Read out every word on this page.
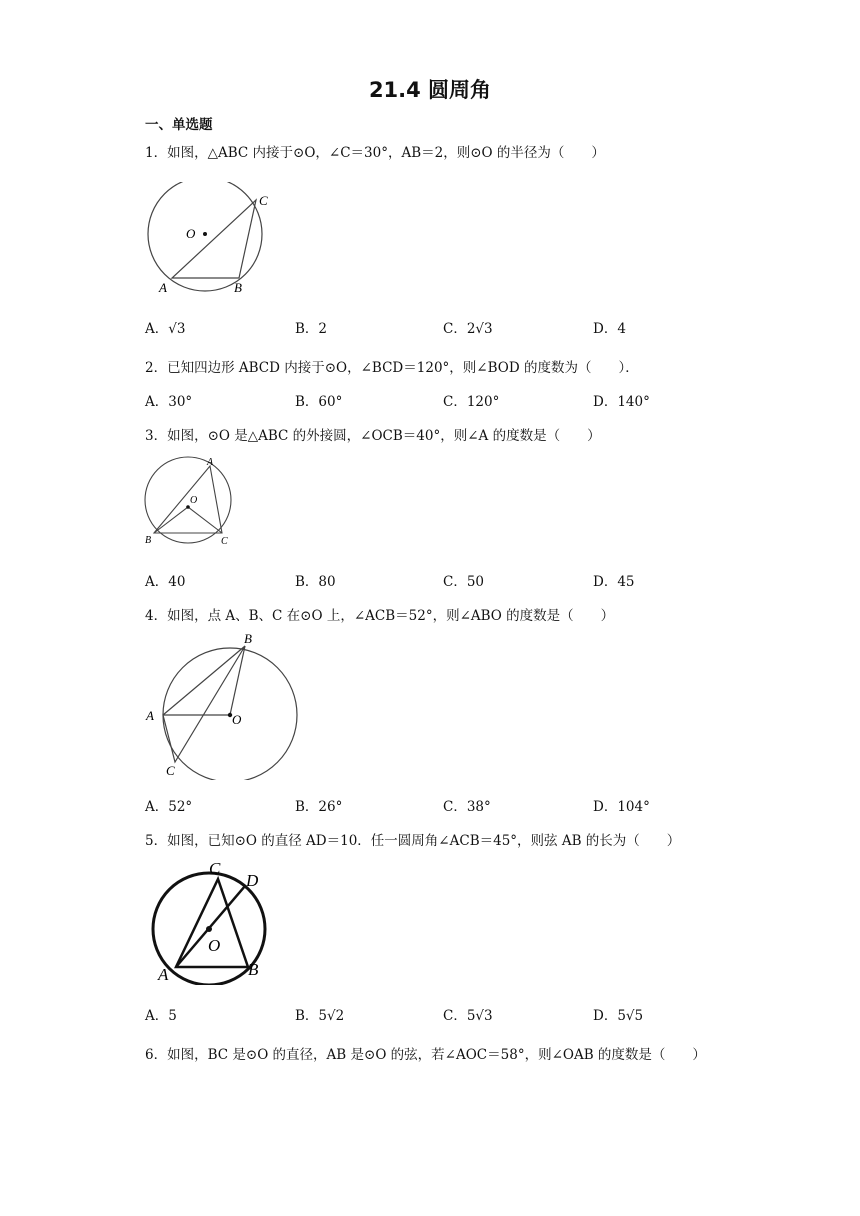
21.4 圆周角
一、单选题
1．如图，△ABC 内接于⊙O，∠C＝30°，AB＝2，则⊙O 的半径为（　　）
O
C
A	B
A．√3	B．2	C．2√3	D．4
2．已知四边形 ABCD 内接于⊙O，∠BCD＝120°，则∠BOD 的度数为（　　）．
A．30°	B．60°	C．120°	D．140°
3．如图，⊙O 是△ABC 的外接圆，∠OCB＝40°，则∠A 的度数是（　　）
A
O
B	C
A．40	B．80	C．50	D．45
4．如图，点 A、B、C 在⊙O 上，∠ACB＝52°，则∠ABO 的度数是（　　）
B
A	O
C
A．52°	B．26°	C．38°	D．104°
5．如图，已知⊙O 的直径 AD＝10．任一圆周角∠ACB＝45°，则弦 AB 的长为（　　）
C
D
O
A	B
A．5	B．5√2	C．5√3	D．5√5
6．如图，BC 是⊙O 的直径，AB 是⊙O 的弦，若∠AOC＝58°，则∠OAB 的度数是（　　）
